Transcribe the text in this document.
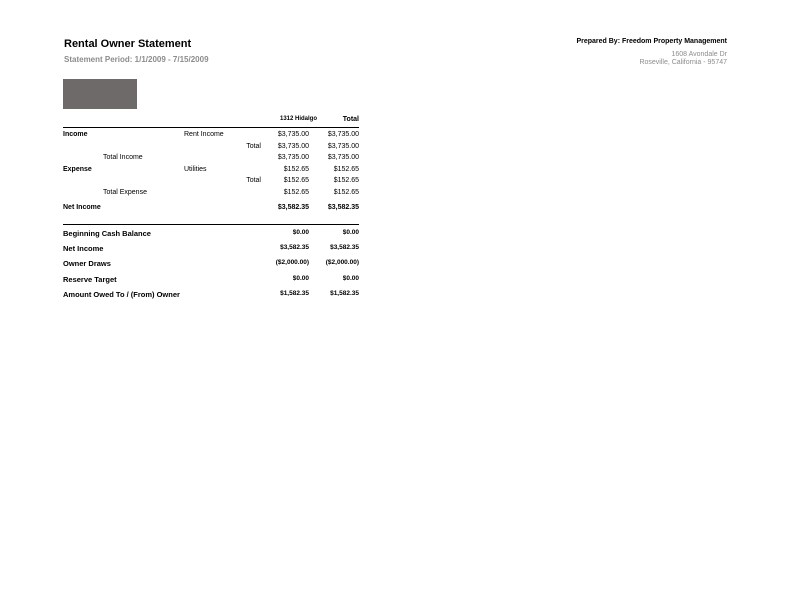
Rental Owner Statement
Statement Period: 1/1/2009 - 7/15/2009
Prepared By: Freedom Property Management
1608 Avondale Dr
Roseville, California - 95747
1312 Hidalgo	Total
Income	Rent Income	$3,735.00	$3,735.00
Total	$3,735.00	$3,735.00
Total Income	$3,735.00	$3,735.00
Expense	Utilities	$152.65	$152.65
Total	$152.65	$152.65
Total Expense	$152.65	$152.65
Net Income	$3,582.35	$3,582.35
Beginning Cash Balance	$0.00	$0.00
Net Income	$3,582.35	$3,582.35
Owner Draws	($2,000.00)	($2,000.00)
Reserve Target	$0.00	$0.00
Amount Owed To / (From) Owner	$1,582.35	$1,582.35
